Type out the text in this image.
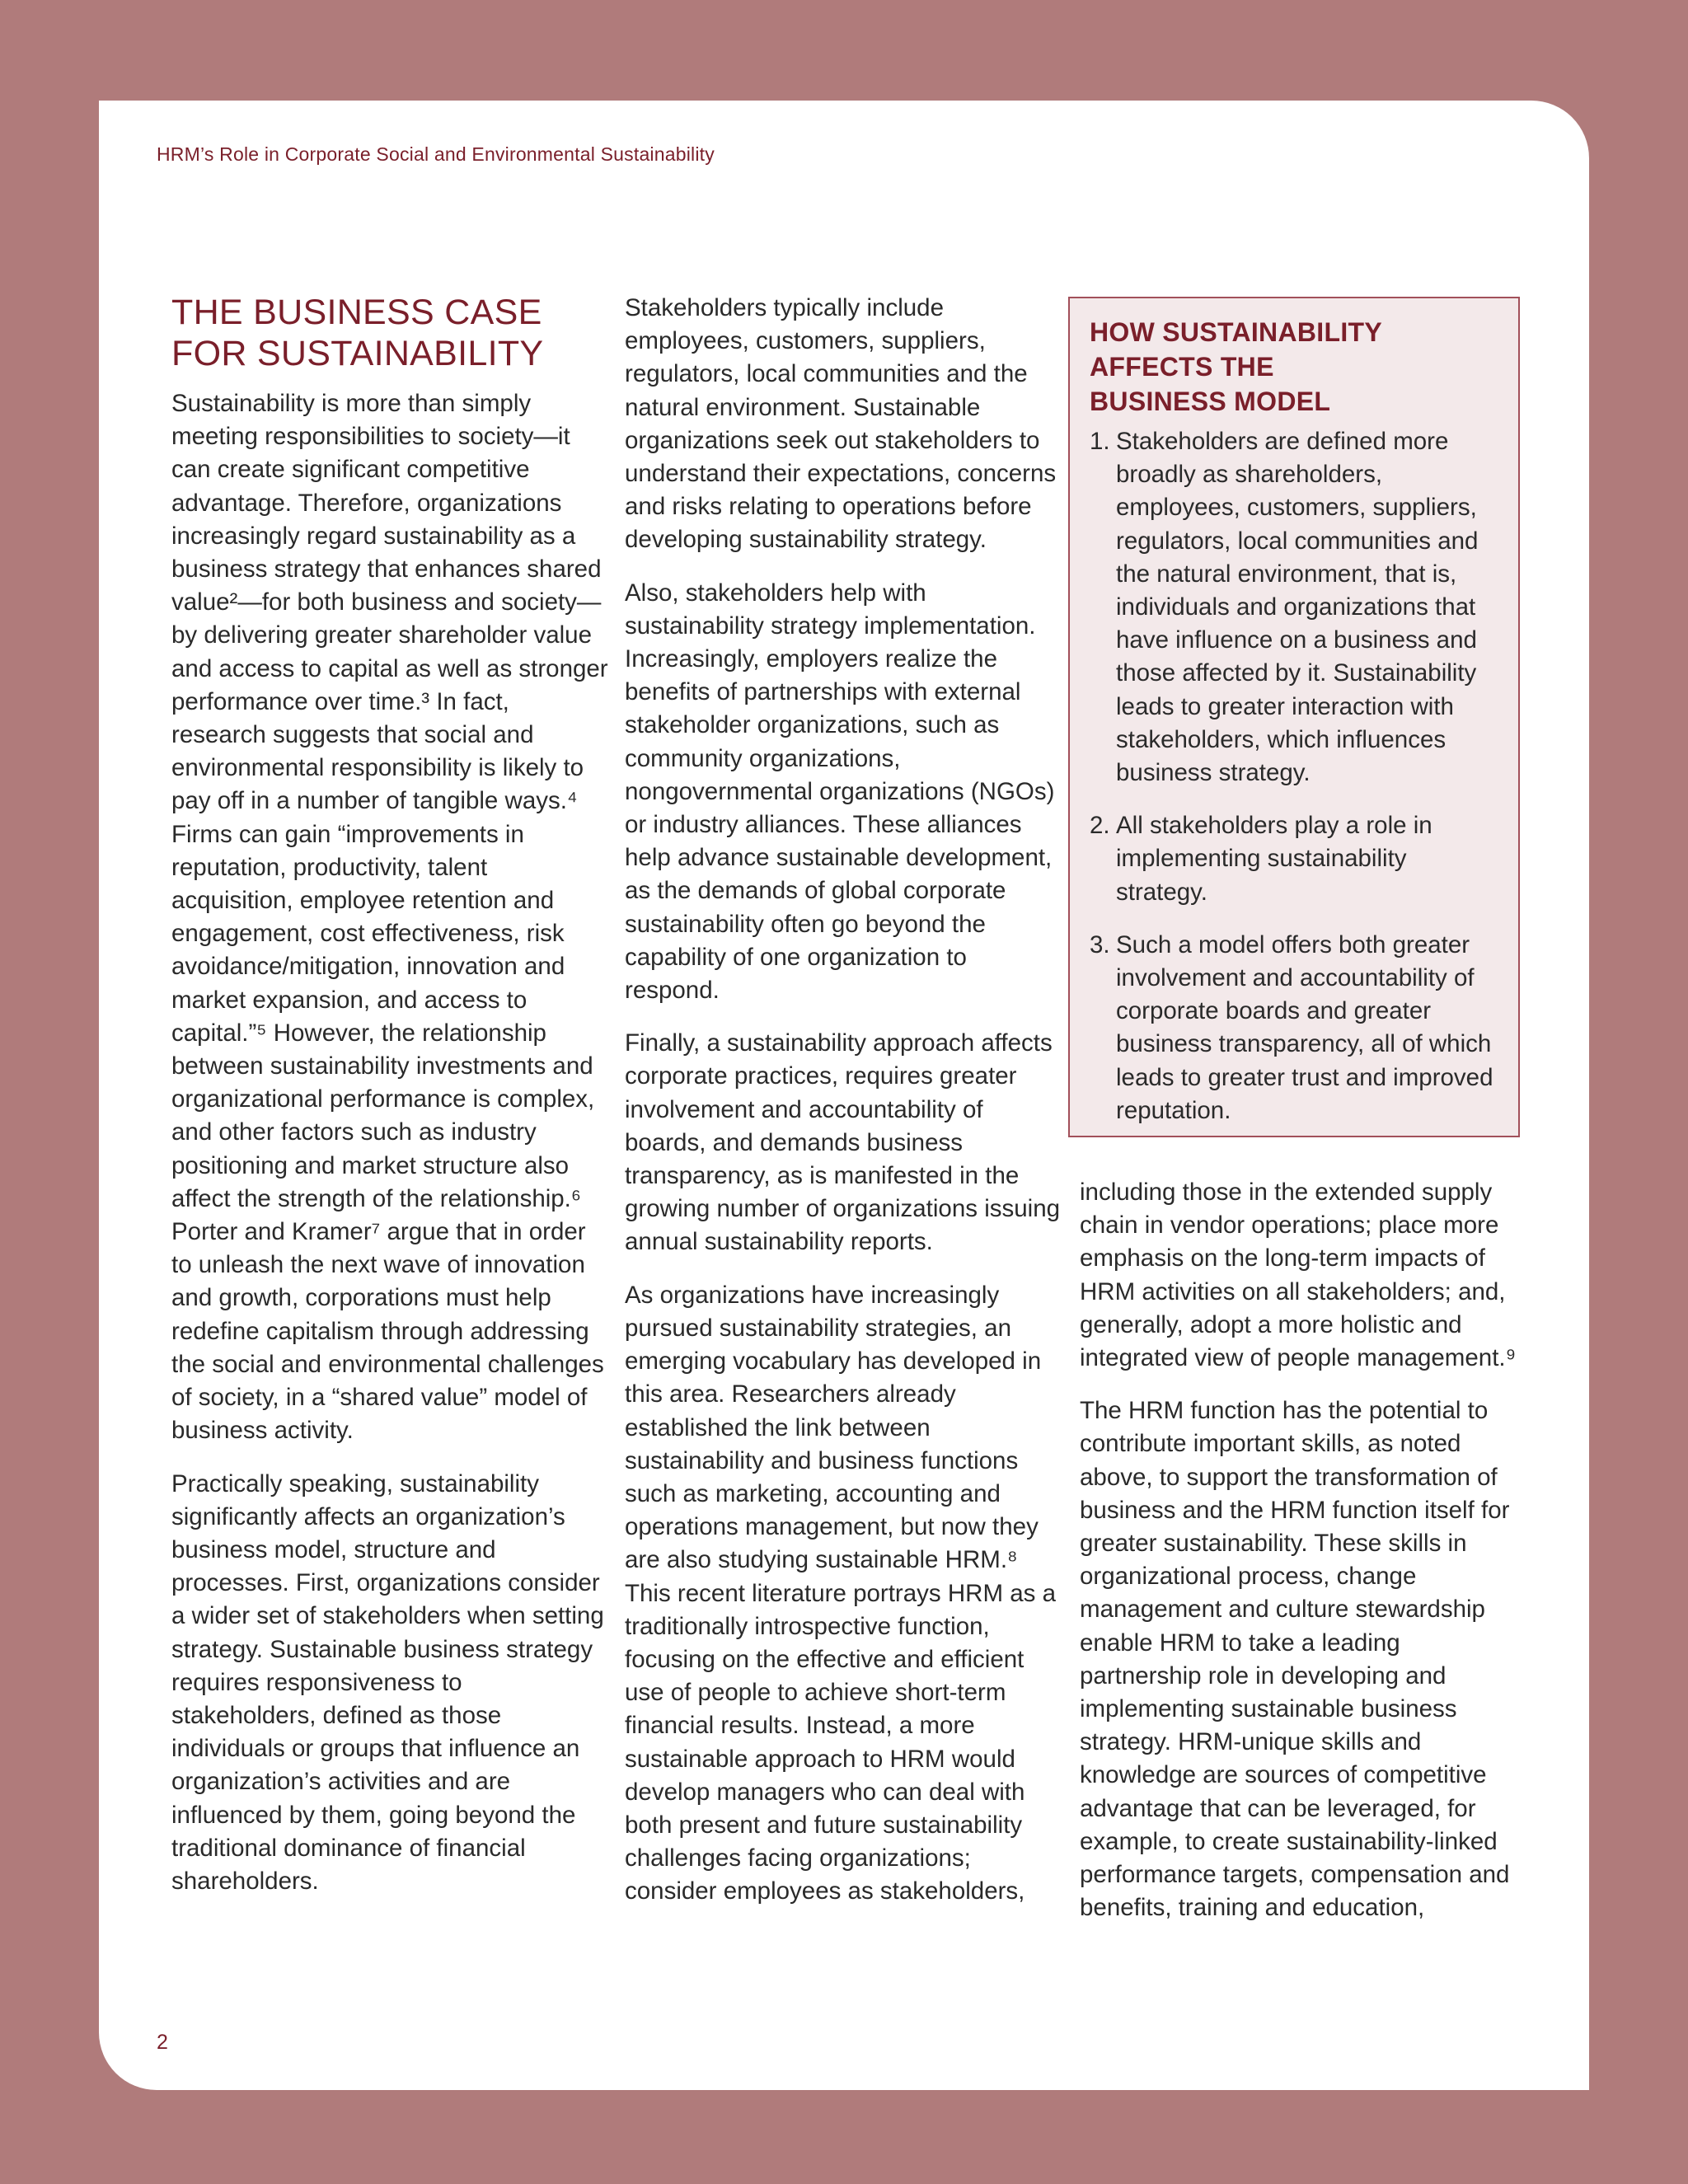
HRM’s Role in Corporate Social and Environmental Sustainability
THE BUSINESS CASE
FOR SUSTAINABILITY

Sustainability is more than simply meeting responsibilities to society—it can create significant competitive advantage. Therefore, organizations increasingly regard sustainability as a business strategy that enhances shared value²—for both business and society—by delivering greater shareholder value and access to capital as well as stronger performance over time.³ In fact, research suggests that social and environmental responsibility is likely to pay off in a number of tangible ways.⁴ Firms can gain “improvements in reputation, productivity, talent acquisition, employee retention and engagement, cost effectiveness, risk avoidance/mitigation, innovation and market expansion, and access to capital.”⁵ However, the relationship between sustainability investments and organizational performance is complex, and other factors such as industry positioning and market structure also affect the strength of the relationship.⁶ Porter and Kramer⁷ argue that in order to unleash the next wave of innovation and growth, corporations must help redefine capitalism through addressing the social and environmental challenges of society, in a “shared value” model of business activity.

Practically speaking, sustainability significantly affects an organization’s business model, structure and processes. First, organizations consider a wider set of stakeholders when setting strategy. Sustainable business strategy requires responsiveness to stakeholders, defined as those individuals or groups that influence an organization’s activities and are influenced by them, going beyond the traditional dominance of financial shareholders.

Stakeholders typically include employees, customers, suppliers, regulators, local communities and the natural environment. Sustainable organizations seek out stakeholders to understand their expectations, concerns and risks relating to operations before developing sustainability strategy.

Also, stakeholders help with sustainability strategy implementation. Increasingly, employers realize the benefits of partnerships with external stakeholder organizations, such as community organizations, nongovernmental organizations (NGOs) or industry alliances. These alliances help advance sustainable development, as the demands of global corporate sustainability often go beyond the capability of one organization to respond.

Finally, a sustainability approach affects corporate practices, requires greater involvement and accountability of boards, and demands business transparency, as is manifested in the growing number of organizations issuing annual sustainability reports.

As organizations have increasingly pursued sustainability strategies, an emerging vocabulary has developed in this area. Researchers already established the link between sustainability and business functions such as marketing, accounting and operations management, but now they are also studying sustainable HRM.⁸ This recent literature portrays HRM as a traditionally introspective function, focusing on the effective and efficient use of people to achieve short-term financial results. Instead, a more sustainable approach to HRM would develop managers who can deal with both present and future sustainability challenges facing organizations; consider employees as stakeholders,

HOW SUSTAINABILITY
AFFECTS THE
BUSINESS MODEL
1. Stakeholders are defined more broadly as shareholders, employees, customers, suppliers, regulators, local communities and the natural environment, that is, individuals and organizations that have influence on a business and those affected by it. Sustainability leads to greater interaction with stakeholders, which influences business strategy.
2. All stakeholders play a role in implementing sustainability strategy.
3. Such a model offers both greater involvement and accountability of corporate boards and greater business transparency, all of which leads to greater trust and improved reputation.

including those in the extended supply chain in vendor operations; place more emphasis on the long-term impacts of HRM activities on all stakeholders; and, generally, adopt a more holistic and integrated view of people management.⁹

The HRM function has the potential to contribute important skills, as noted above, to support the transformation of business and the HRM function itself for greater sustainability. These skills in organizational process, change management and culture stewardship enable HRM to take a leading partnership role in developing and implementing sustainable business strategy. HRM-unique skills and knowledge are sources of competitive advantage that can be leveraged, for example, to create sustainability-linked performance targets, compensation and benefits, training and education,

2
